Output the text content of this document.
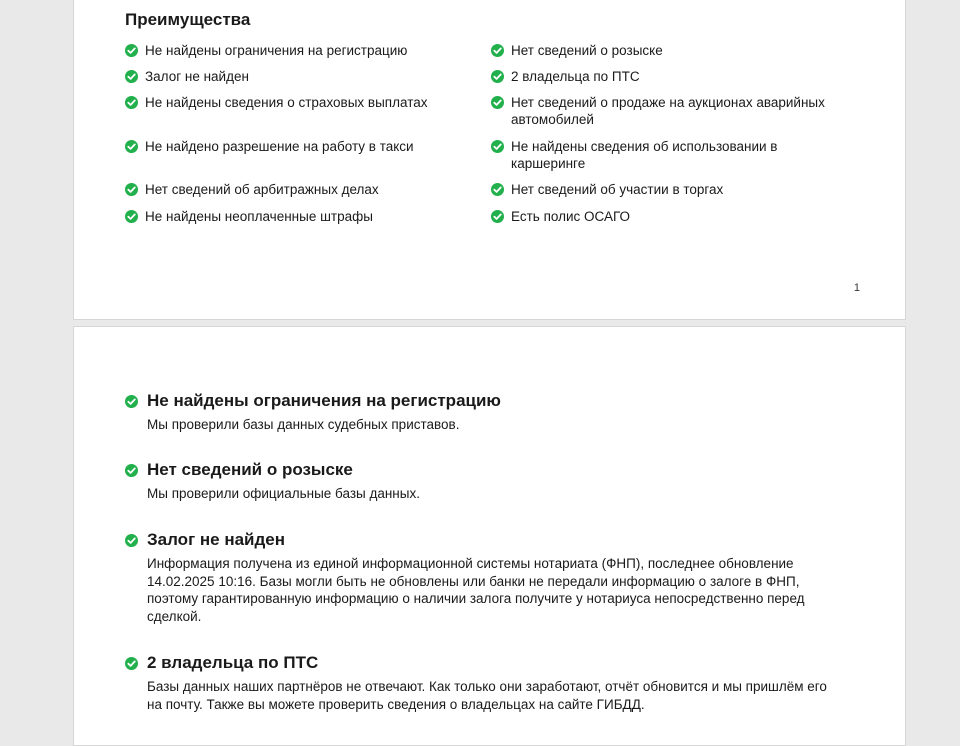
Преимущества
Не найдены ограничения на регистрацию
Залог не найден
Не найдены сведения о страховых выплатах
Не найдено разрешение на работу в такси
Нет сведений об арбитражных делах
Не найдены неоплаченные штрафы
Нет сведений о розыске
2 владельца по ПТС
Нет сведений о продаже на аукционах аварийных автомобилей
Не найдены сведения об использовании в каршеринге
Нет сведений об участии в торгах
Есть полис ОСАГО
1
Не найдены ограничения на регистрацию

Мы проверили базы данных судебных приставов.

Нет сведений о розыске

Мы проверили официальные базы данных.

Залог не найден

Информация получена из единой информационной системы нотариата (ФНП), последнее обновление 14.02.2025 10:16. Базы могли быть не обновлены или банки не передали информацию о залоге в ФНП, поэтому гарантированную информацию о наличии залога получите у нотариуса непосредственно перед сделкой.

2 владельца по ПТС

Базы данных наших партнёров не отвечают. Как только они заработают, отчёт обновится и мы пришлём его на почту. Также вы можете проверить сведения о владельцах на сайте ГИБДД.
